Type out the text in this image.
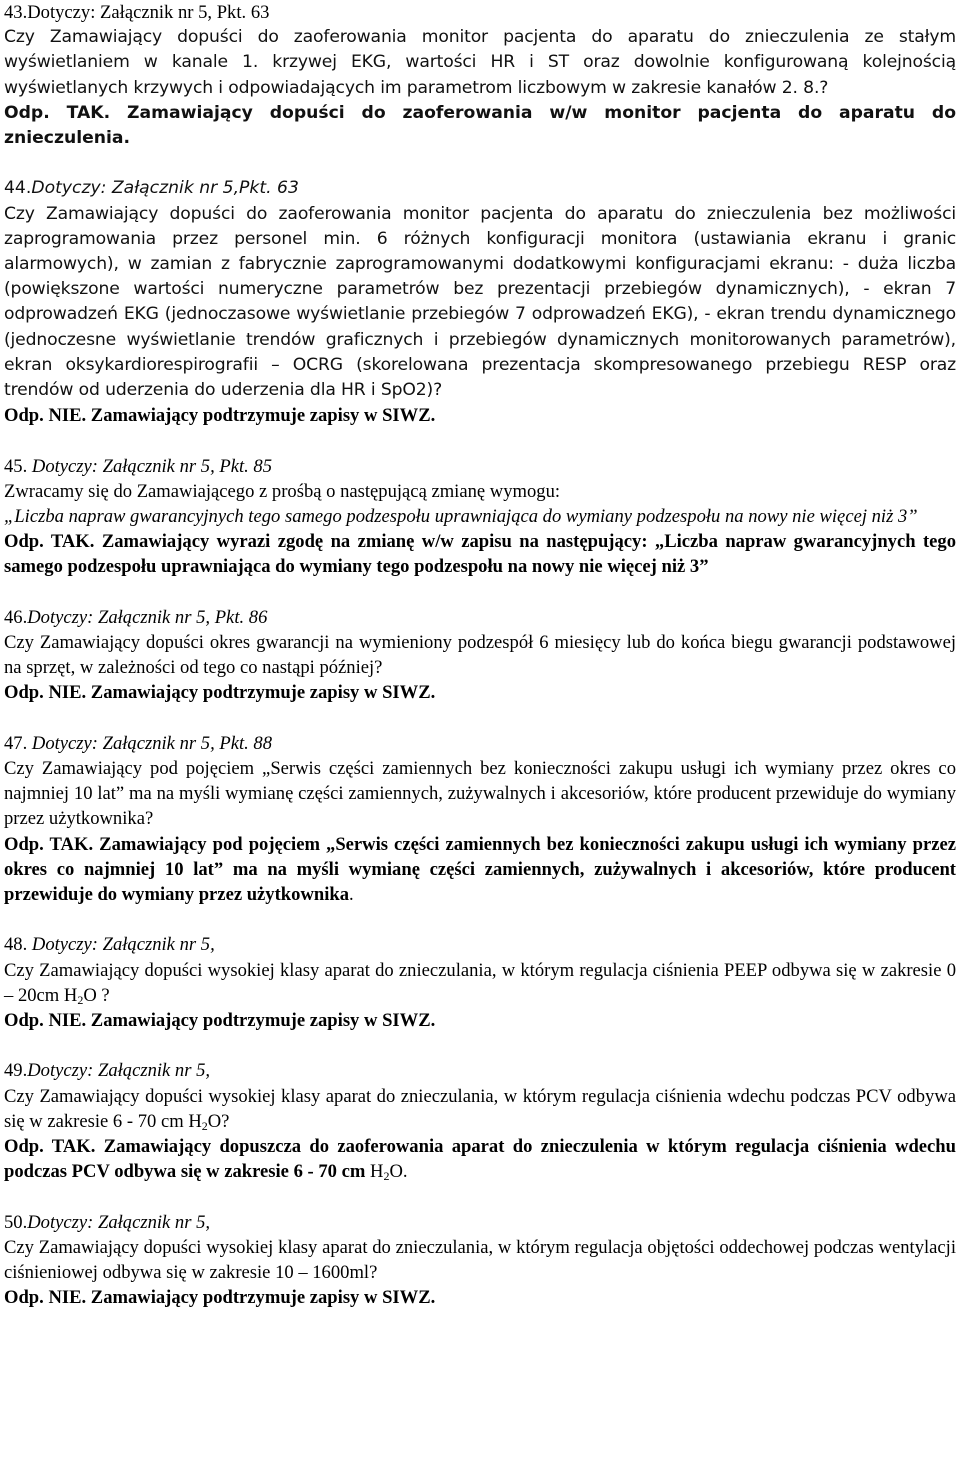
43.Dotyczy: Załącznik nr 5, Pkt. 63

Czy Zamawiający dopuści do zaoferowania monitor pacjenta do aparatu do znieczulenia ze stałym wyświetlaniem w kanale 1. krzywej EKG, wartości HR i ST oraz dowolnie konfigurowaną kolejnością wyświetlanych krzywych i odpowiadających im parametrom liczbowym w zakresie kanałów 2. 8.?

Odp. TAK. Zamawiający dopuści do zaoferowania w/w monitor pacjenta do aparatu do znieczulenia.

44.Dotyczy: Załącznik nr 5,Pkt. 63

Czy Zamawiający dopuści do zaoferowania monitor pacjenta do aparatu do znieczulenia bez możliwości zaprogramowania przez personel min. 6 różnych konfiguracji monitora (ustawiania ekranu i granic alarmowych), w zamian z fabrycznie zaprogramowanymi dodatkowymi konfiguracjami ekranu: - duża liczba (powiększone wartości numeryczne parametrów bez prezentacji przebiegów dynamicznych), - ekran 7 odprowadzeń EKG (jednoczasowe wyświetlanie przebiegów 7 odprowadzeń EKG), - ekran trendu dynamicznego (jednoczesne wyświetlanie trendów graficznych i przebiegów dynamicznych monitorowanych parametrów), ekran oksykardiorespirografii – OCRG (skorelowana prezentacja skompresowanego przebiegu RESP oraz trendów od uderzenia do uderzenia dla HR i SpO2)?

Odp. NIE. Zamawiający podtrzymuje zapisy w SIWZ.

45. Dotyczy: Załącznik nr 5, Pkt. 85

Zwracamy się do Zamawiającego z prośbą o następującą zmianę wymogu:

„Liczba napraw gwarancyjnych tego samego podzespołu uprawniająca do wymiany podzespołu na nowy nie więcej niż 3”

Odp. TAK. Zamawiający wyrazi zgodę na zmianę w/w zapisu na następujący: „Liczba napraw gwarancyjnych tego samego podzespołu uprawniająca do wymiany tego podzespołu na nowy nie więcej niż 3”

46.Dotyczy: Załącznik nr 5, Pkt. 86

Czy Zamawiający dopuści okres gwarancji na wymieniony podzespół 6 miesięcy lub do końca biegu gwarancji podstawowej na sprzęt, w zależności od tego co nastąpi później?

Odp. NIE. Zamawiający podtrzymuje zapisy w SIWZ.

47. Dotyczy: Załącznik nr 5, Pkt. 88

Czy Zamawiający pod pojęciem „Serwis części zamiennych bez konieczności zakupu usługi ich wymiany przez okres co najmniej 10 lat” ma na myśli wymianę części zamiennych, zużywalnych i akcesoriów, które producent przewiduje do wymiany przez użytkownika?

Odp. TAK. Zamawiający pod pojęciem „Serwis części zamiennych bez konieczności zakupu usługi ich wymiany przez okres co najmniej 10 lat” ma na myśli wymianę części zamiennych, zużywalnych i akcesoriów, które producent przewiduje do wymiany przez użytkownika.

48. Dotyczy: Załącznik nr 5,

Czy Zamawiający dopuści wysokiej klasy aparat do znieczulania, w którym regulacja ciśnienia PEEP odbywa się w zakresie 0 – 20cm $H_2O$ ?

Odp. NIE. Zamawiający podtrzymuje zapisy w SIWZ.

49.Dotyczy: Załącznik nr 5,

Czy Zamawiający dopuści wysokiej klasy aparat do znieczulania, w którym regulacja ciśnienia wdechu podczas PCV odbywa się w zakresie 6 - 70 cm $H_2O$?

Odp. TAK. Zamawiający dopuszcza do zaoferowania aparat do znieczulenia w którym regulacja ciśnienia wdechu podczas PCV odbywa się w zakresie 6 - 70 cm $H_2O$.

50.Dotyczy: Załącznik nr 5,

Czy Zamawiający dopuści wysokiej klasy aparat do znieczulania, w którym regulacja objętości oddechowej podczas wentylacji ciśnieniowej odbywa się w zakresie 10 – 1600ml?

Odp. NIE. Zamawiający podtrzymuje zapisy w SIWZ.
